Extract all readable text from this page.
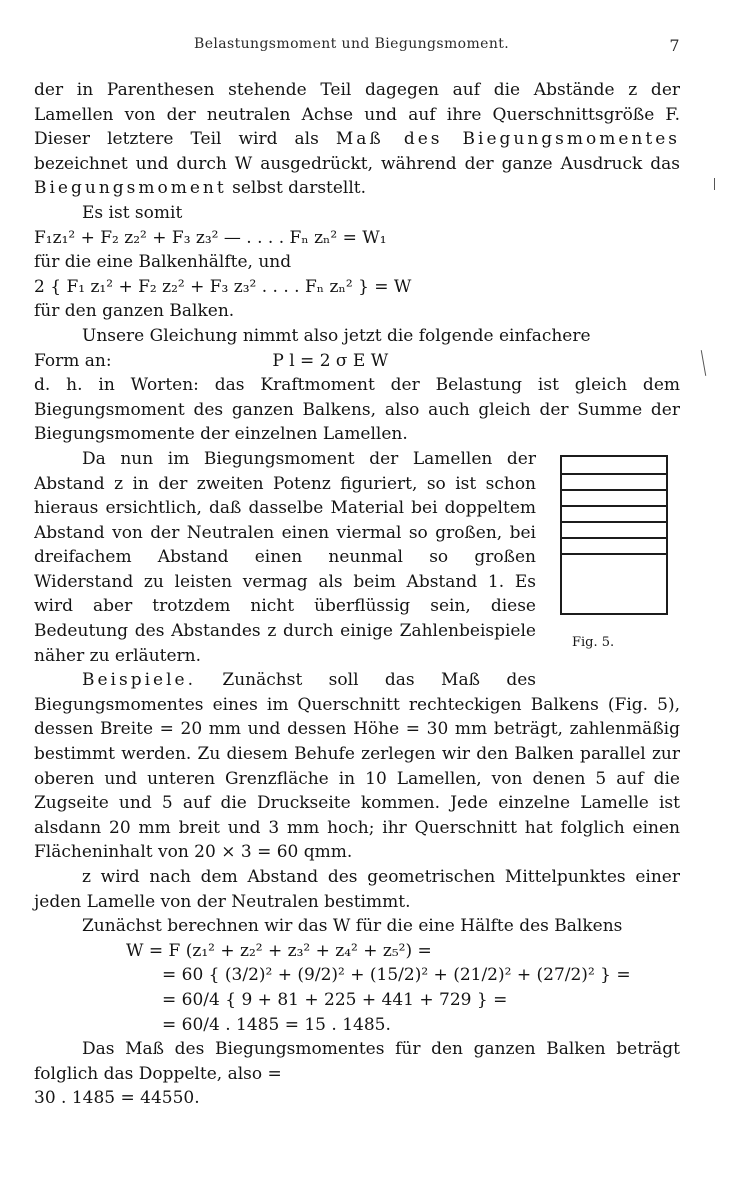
Belastungsmoment und Biegungsmoment.	7

der in Parenthesen stehende Teil dagegen auf die Abstände z der Lamellen von der neutralen Achse und auf ihre Querschnittsgröße F. Dieser letztere Teil wird als Maß des Biegungsmomentes bezeichnet und durch W ausgedrückt, während der ganze Ausdruck das Biegungsmoment selbst darstellt.

Es ist somit

F₁z₁² + F₂ z₂² + F₃ z₃² — . . . . Fₙ zₙ² = W₁

für die eine Balkenhälfte, und

2 { F₁ z₁² + F₂ z₂² + F₃ z₃² . . . . Fₙ zₙ² } = W

für den ganzen Balken.

Unsere Gleichung nimmt also jetzt die folgende einfachere

Form an:	P l = 2 σ E W

d. h. in Worten: das Kraftmoment der Belastung ist gleich dem Biegungsmoment des ganzen Balkens, also auch gleich der Summe der Biegungsmomente der einzelnen Lamellen.

Fig. 5.

Da nun im Biegungsmoment der Lamellen der Abstand z in der zweiten Potenz figuriert, so ist schon hieraus ersichtlich, daß dasselbe Material bei doppeltem Abstand von der Neutralen einen viermal so großen, bei dreifachem Abstand einen neunmal so großen Widerstand zu leisten vermag als beim Abstand 1. Es wird aber trotzdem nicht überflüssig sein, diese Bedeutung des Abstandes z durch einige Zahlenbeispiele näher zu erläutern.

Beispiele. Zunächst soll das Maß des Biegungsmomentes eines im Querschnitt rechteckigen Balkens (Fig. 5), dessen Breite = 20 mm und dessen Höhe = 30 mm beträgt, zahlenmäßig bestimmt werden. Zu diesem Behufe zerlegen wir den Balken parallel zur oberen und unteren Grenzfläche in 10 Lamellen, von denen 5 auf die Zugseite und 5 auf die Druckseite kommen. Jede einzelne Lamelle ist alsdann 20 mm breit und 3 mm hoch; ihr Querschnitt hat folglich einen Flächeninhalt von 20 × 3 = 60 qmm.

z wird nach dem Abstand des geometrischen Mittelpunktes einer jeden Lamelle von der Neutralen bestimmt.

Zunächst berechnen wir das W für die eine Hälfte des Balkens

W = F (z₁² + z₂² + z₃² + z₄² + z₅²) =

= 60 { (3/2)² + (9/2)² + (15/2)² + (21/2)² + (27/2)² } =

= 60/4 { 9 + 81 + 225 + 441 + 729 } =

= 60/4 . 1485 = 15 . 1485.

Das Maß des Biegungsmomentes für den ganzen Balken beträgt folglich das Doppelte, also =

30 . 1485 = 44550.
